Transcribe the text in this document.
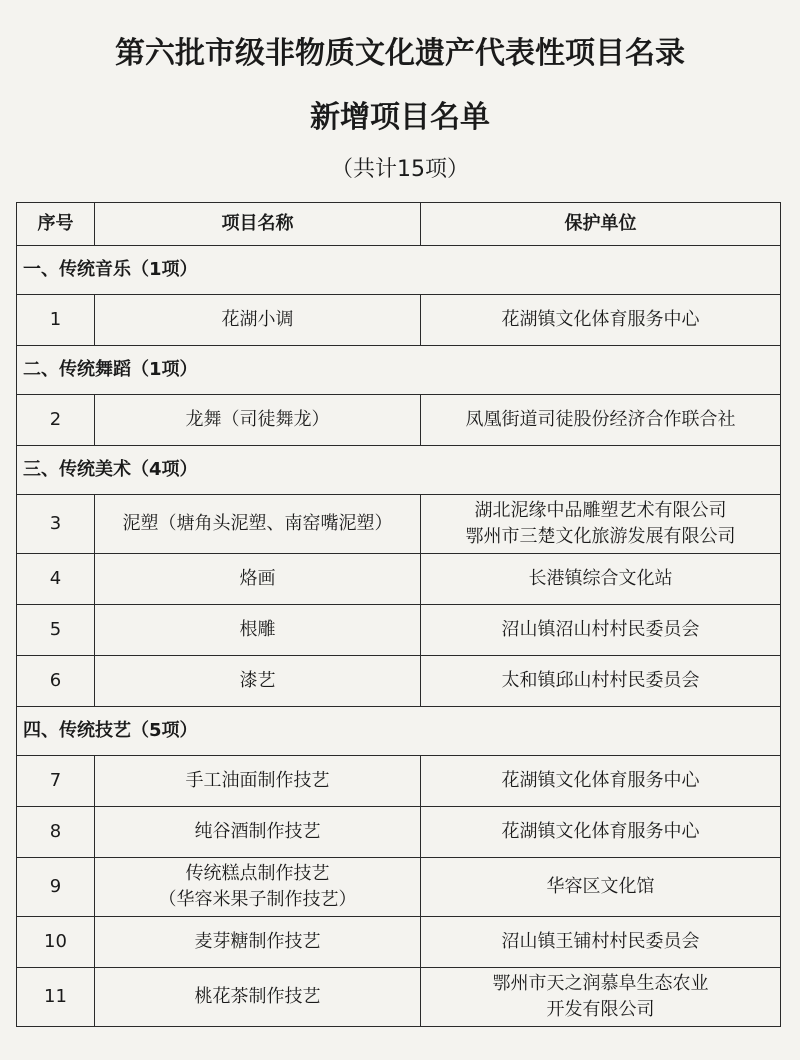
第六批市级非物质文化遗产代表性项目名录
新增项目名单
（共计15项）
序号	项目名称	保护单位
一、传统音乐（1项）		
1	花湖小调	花湖镇文化体育服务中心

二、传统舞蹈（1项）		
2	龙舞（司徒舞龙）	凤凰街道司徒股份经济合作联合社

三、传统美术（4项）		
3	泥塑（塘角头泥塑、南窑嘴泥塑）	湖北泥缘中品雕塑艺术有限公司
鄂州市三楚文化旅游发展有限公司

4	烙画	长港镇综合文化站

5	根雕	沼山镇沼山村村民委员会

6	漆艺	太和镇邱山村村民委员会

四、传统技艺（5项）		
7	手工油面制作技艺	花湖镇文化体育服务中心

8	纯谷酒制作技艺	花湖镇文化体育服务中心

9	传统糕点制作技艺
（华容米果子制作技艺）	华容区文化馆

10	麦芽糖制作技艺	沼山镇王铺村村民委员会

11	桃花茶制作技艺	鄂州市天之润慕阜生态农业
开发有限公司
